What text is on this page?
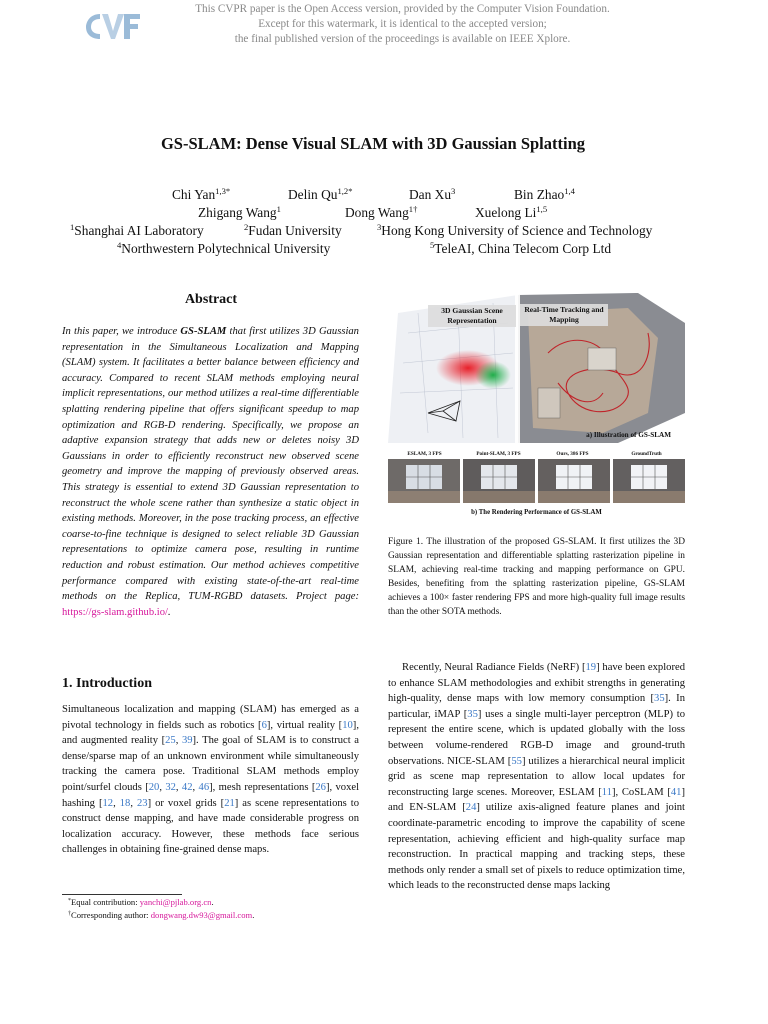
This CVPR paper is the Open Access version, provided by the Computer Vision Foundation.
Except for this watermark, it is identical to the accepted version;
the final published version of the proceedings is available on IEEE Xplore.
GS-SLAM: Dense Visual SLAM with 3D Gaussian Splatting
Chi Yan$^{1,3*}$	Delin $Qu^{1,2*}$	Dan Xu$^3$	Bin Zhao$^{1,4}$
Zhigang Wang$^1$	Dong Wang$^{1\dagger}$	Xuelong Li$^{1,5}$
$^1$Shanghai AI Laboratory	$^2$Fudan University	$^3$Hong Kong University of Science and Technology
$^4$Northwestern Polytechnical University	$^5$TeleAI, China Telecom Corp Ltd
Abstract
In this paper, we introduce GS-SLAM that first utilizes 3D Gaussian representation in the Simultaneous Localization and Mapping (SLAM) system. It facilitates a better balance between efficiency and accuracy. Compared to recent SLAM methods employing neural implicit representations, our method utilizes a real-time differentiable splatting rendering pipeline that offers significant speedup to map optimization and RGB-D rendering. Specifically, we propose an adaptive expansion strategy that adds new or deletes noisy 3D Gaussians in order to efficiently reconstruct new observed scene geometry and improve the mapping of previously observed areas. This strategy is essential to extend 3D Gaussian representation to reconstruct the whole scene rather than synthesize a static object in existing methods. Moreover, in the pose tracking process, an effective coarse-to-fine technique is designed to select reliable 3D Gaussian representations to optimize camera pose, resulting in runtime reduction and robust estimation. Our method achieves competitive performance compared with existing state-of-the-art real-time methods on the Replica, TUM-RGBD datasets. Project page: https://gs-slam.github.io/.
1. Introduction
Simultaneous localization and mapping (SLAM) has emerged as a pivotal technology in fields such as robotics [6], virtual reality [10], and augmented reality [25, 39]. The goal of SLAM is to construct a dense/sparse map of an unknown environment while simultaneously tracking the camera pose. Traditional SLAM methods employ point/surfel clouds [20, 32, 42, 46], mesh representations [26], voxel hashing [12, 18, 23] or voxel grids [21] as scene representations to construct dense mapping, and have made considerable progress on localization accuracy. However, these methods face serious challenges in obtaining fine-grained dense maps.
*Equal contribution: yanchi@pjlab.org.cn.
†Corresponding author: dongwang.dw93@gmail.com.
3D Gaussian Scene Representation
Real-Time Tracking and Mapping
a) Illustration of GS-SLAM
ESLAM, 3 FPS	Point-SLAM, 3 FPS	Ours, 386 FPS	GroundTruth
b) The Rendering Performance of GS-SLAM
Figure 1. The illustration of the proposed GS-SLAM. It first utilizes the 3D Gaussian representation and differentiable splatting rasterization pipeline in SLAM, achieving real-time tracking and mapping performance on GPU. Besides, benefiting from the splatting rasterization pipeline, GS-SLAM achieves a 100× faster rendering FPS and more high-quality full image results than the other SOTA methods.

Recently, Neural Radiance Fields (NeRF) [19] have been explored to enhance SLAM methodologies and exhibit strengths in generating high-quality, dense maps with low memory consumption [35]. In particular, iMAP [35] uses a single multi-layer perceptron (MLP) to represent the entire scene, which is updated globally with the loss between volume-rendered RGB-D image and ground-truth observations. NICE-SLAM [55] utilizes a hierarchical neural implicit grid as scene map representation to allow local updates for reconstructing large scenes. Moreover, ESLAM [11], CoSLAM [41] and EN-SLAM [24] utilize axis-aligned feature planes and joint coordinate-parametric encoding to improve the capability of scene representation, achieving efficient and high-quality surface map reconstruction. In practical mapping and tracking steps, these methods only render a small set of pixels to reduce optimization time, which leads to the reconstructed dense maps lacking
